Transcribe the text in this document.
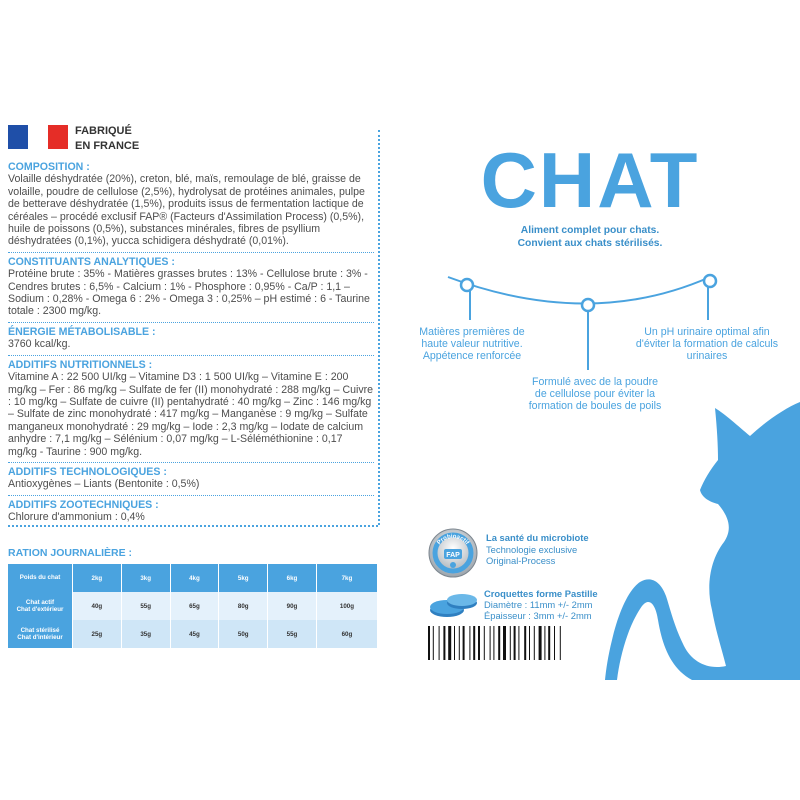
FABRIQUÉ
EN FRANCE
COMPOSITION :

Volaille déshydratée (20%), creton, blé, maïs, remoulage de blé, graisse de volaille, poudre de cellulose (2,5%), hydrolysat de protéines animales, pulpe de betterave déshydratée (1,5%), produits issus de fermentation lactique de céréales – procédé exclusif FAP® (Facteurs d'Assimilation Process) (0,5%), huile de poissons (0,5%), substances minérales, fibres de psyllium déshydratées (0,1%), yucca schidigera déshydraté (0,01%).

CONSTITUANTS ANALYTIQUES :

Protéine brute : 35% - Matières grasses brutes : 13% - Cellulose brute : 3% - Cendres brutes : 6,5% - Calcium : 1% - Phosphore : 0,95% - Ca/P : 1,1 – Sodium : 0,28% - Omega 6 : 2% - Omega 3 : 0,25% – pH estimé : 6 - Taurine totale : 2300 mg/kg.

ÉNERGIE MÉTABOLISABLE :

3760 kcal/kg.

ADDITIFS NUTRITIONNELS :

Vitamine A : 22 500 UI/kg – Vitamine D3 : 1 500 UI/kg – Vitamine E : 200 mg/kg – Fer : 86 mg/kg – Sulfate de fer (II) monohydraté : 288 mg/kg – Cuivre : 10 mg/kg – Sulfate de cuivre (II) pentahydraté : 40 mg/kg – Zinc : 146 mg/kg – Sulfate de zinc monohydraté : 417 mg/kg – Manganèse : 9 mg/kg – Sulfate manganeux monohydraté : 29 mg/kg – Iode : 2,3 mg/kg – Iodate de calcium anhydre : 7,1 mg/kg – Sélénium : 0,07 mg/kg – L-Séléméthionine : 0,17 mg/kg - Taurine : 900 mg/kg.

ADDITIFS TECHNOLOGIQUES :

Antioxygènes – Liants (Bentonite : 0,5%)

ADDITIFS ZOOTECHNIQUES :

Chlorure d'ammonium : 0,4%

RATION JOURNALIÈRE :
Poids du chat	2kg	3kg	4kg	5kg	6kg	7kg
Chat actif
Chat d'extérieur	40g	55g	65g	80g	90g	100g
Chat stérilisé
Chat d'intérieur	25g	35g	45g	50g	55g	60g
CHAT
Aliment complet pour chats.
Convient aux chats stérilisés.
Matières premières de
haute valeur nutritive.
Appétence renforcée
Un pH urinaire optimal afin
d'éviter la formation de calculs
urinaires
Formulé avec de la poudre
de cellulose pour éviter la
formation de boules de poils
Probioactif
FAP
La santé du microbiote
Technologie exclusive
Original-Process
Croquettes forme Pastille
Diamètre : 11mm +/- 2mm
Épaisseur : 3mm +/- 2mm
